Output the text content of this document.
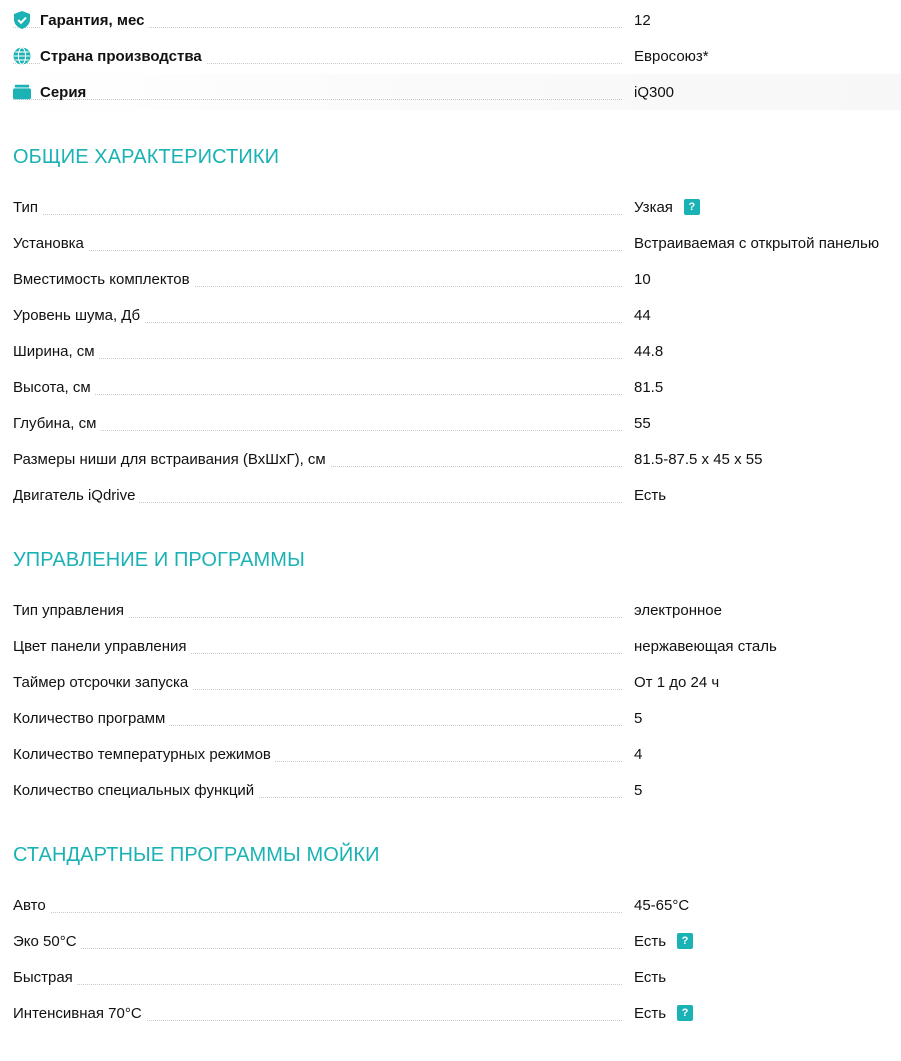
Гарантия, мес	12
Страна производства	Евросоюз*
Серия	iQ300
ОБЩИЕ ХАРАКТЕРИСТИКИ
Тип	Узкая	?
Установка	Встраиваемая с открытой панелью
Вместимость комплектов	10
Уровень шума, Дб	44
Ширина, см	44.8
Высота, см	81.5
Глубина, см	55
Размеры ниши для встраивания (ВхШхГ), см	81.5-87.5 x 45 x 55
Двигатель iQdrive	Есть
УПРАВЛЕНИЕ И ПРОГРАММЫ
Тип управления	электронное
Цвет панели управления	нержавеющая сталь
Таймер отсрочки запуска	От 1 до 24 ч
Количество программ	5
Количество температурных режимов	4
Количество специальных функций	5
СТАНДАРТНЫЕ ПРОГРАММЫ МОЙКИ
Авто	45-65°C
Эко 50°C	Есть	?
Быстрая	Есть
Интенсивная 70°C	Есть	?
